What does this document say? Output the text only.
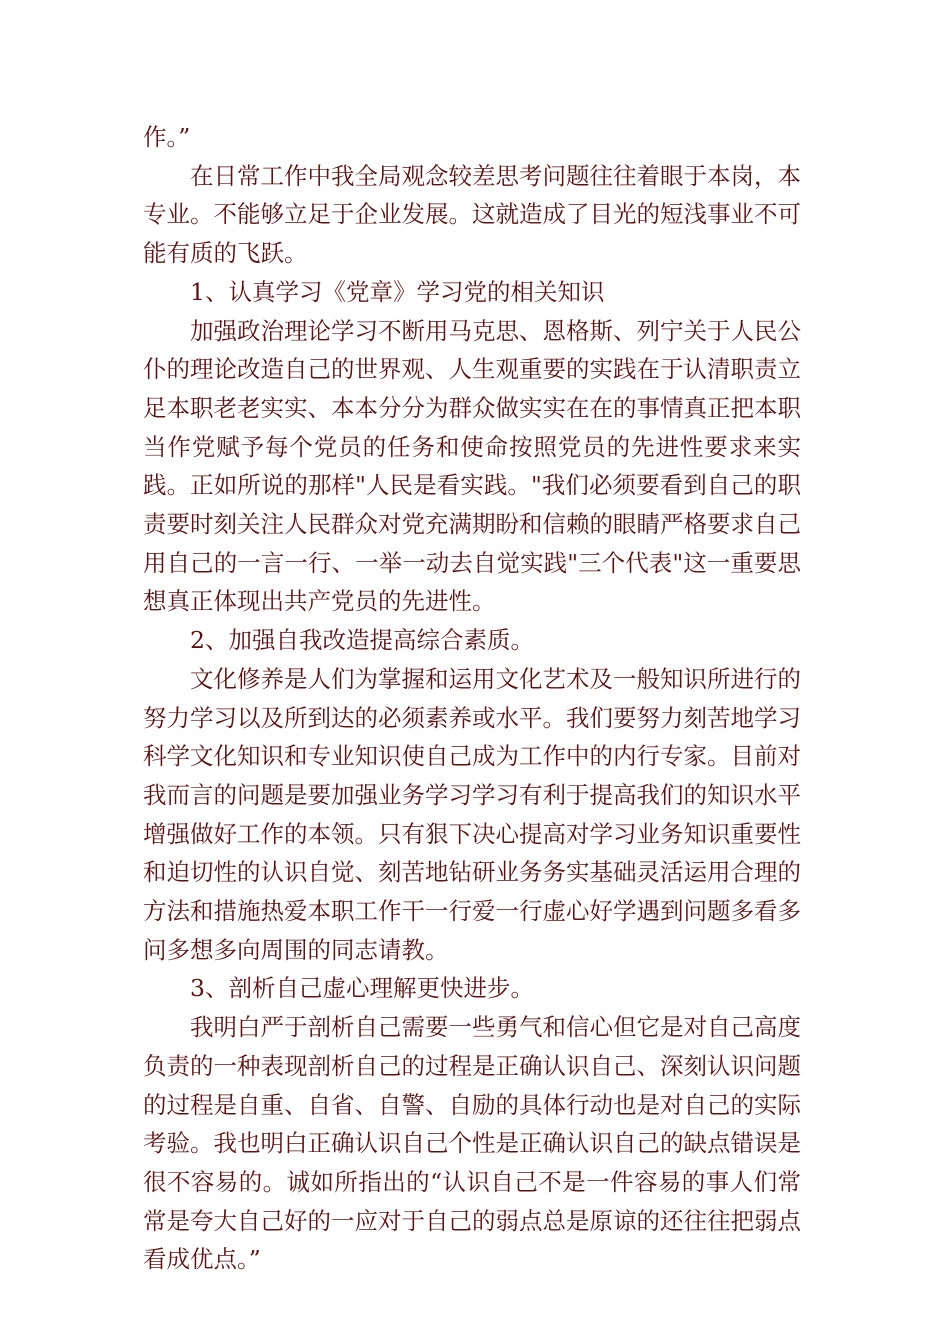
作。”

在日常工作中我全局观念较差思考问题往往着眼于本岗，本专业。不能够立足于企业发展。这就造成了目光的短浅事业不可能有质的飞跃。

1、认真学习《党章》学习党的相关知识

加强政治理论学习不断用马克思、恩格斯、列宁关于人民公仆的理论改造自己的世界观、人生观重要的实践在于认清职责立足本职老老实实、本本分分为群众做实实在在的事情真正把本职当作党赋予每个党员的任务和使命按照党员的先进性要求来实践。正如所说的那样"人民是看实践。"我们必须要看到自己的职责要时刻关注人民群众对党充满期盼和信赖的眼睛严格要求自己用自己的一言一行、一举一动去自觉实践"三个代表"这一重要思想真正体现出共产党员的先进性。

2、加强自我改造提高综合素质。

文化修养是人们为掌握和运用文化艺术及一般知识所进行的努力学习以及所到达的必须素养或水平。我们要努力刻苦地学习科学文化知识和专业知识使自己成为工作中的内行专家。目前对我而言的问题是要加强业务学习学习有利于提高我们的知识水平增强做好工作的本领。只有狠下决心提高对学习业务知识重要性和迫切性的认识自觉、刻苦地钻研业务务实基础灵活运用合理的方法和措施热爱本职工作干一行爱一行虚心好学遇到问题多看多问多想多向周围的同志请教。

3、剖析自己虚心理解更快进步。

我明白严于剖析自己需要一些勇气和信心但它是对自己高度负责的一种表现剖析自己的过程是正确认识自己、深刻认识问题的过程是自重、自省、自警、自励的具体行动也是对自己的实际考验。我也明白正确认识自己个性是正确认识自己的缺点错误是很不容易的。诚如所指出的“认识自己不是一件容易的事人们常常是夸大自己好的一应对于自己的弱点总是原谅的还往往把弱点看成优点。”
